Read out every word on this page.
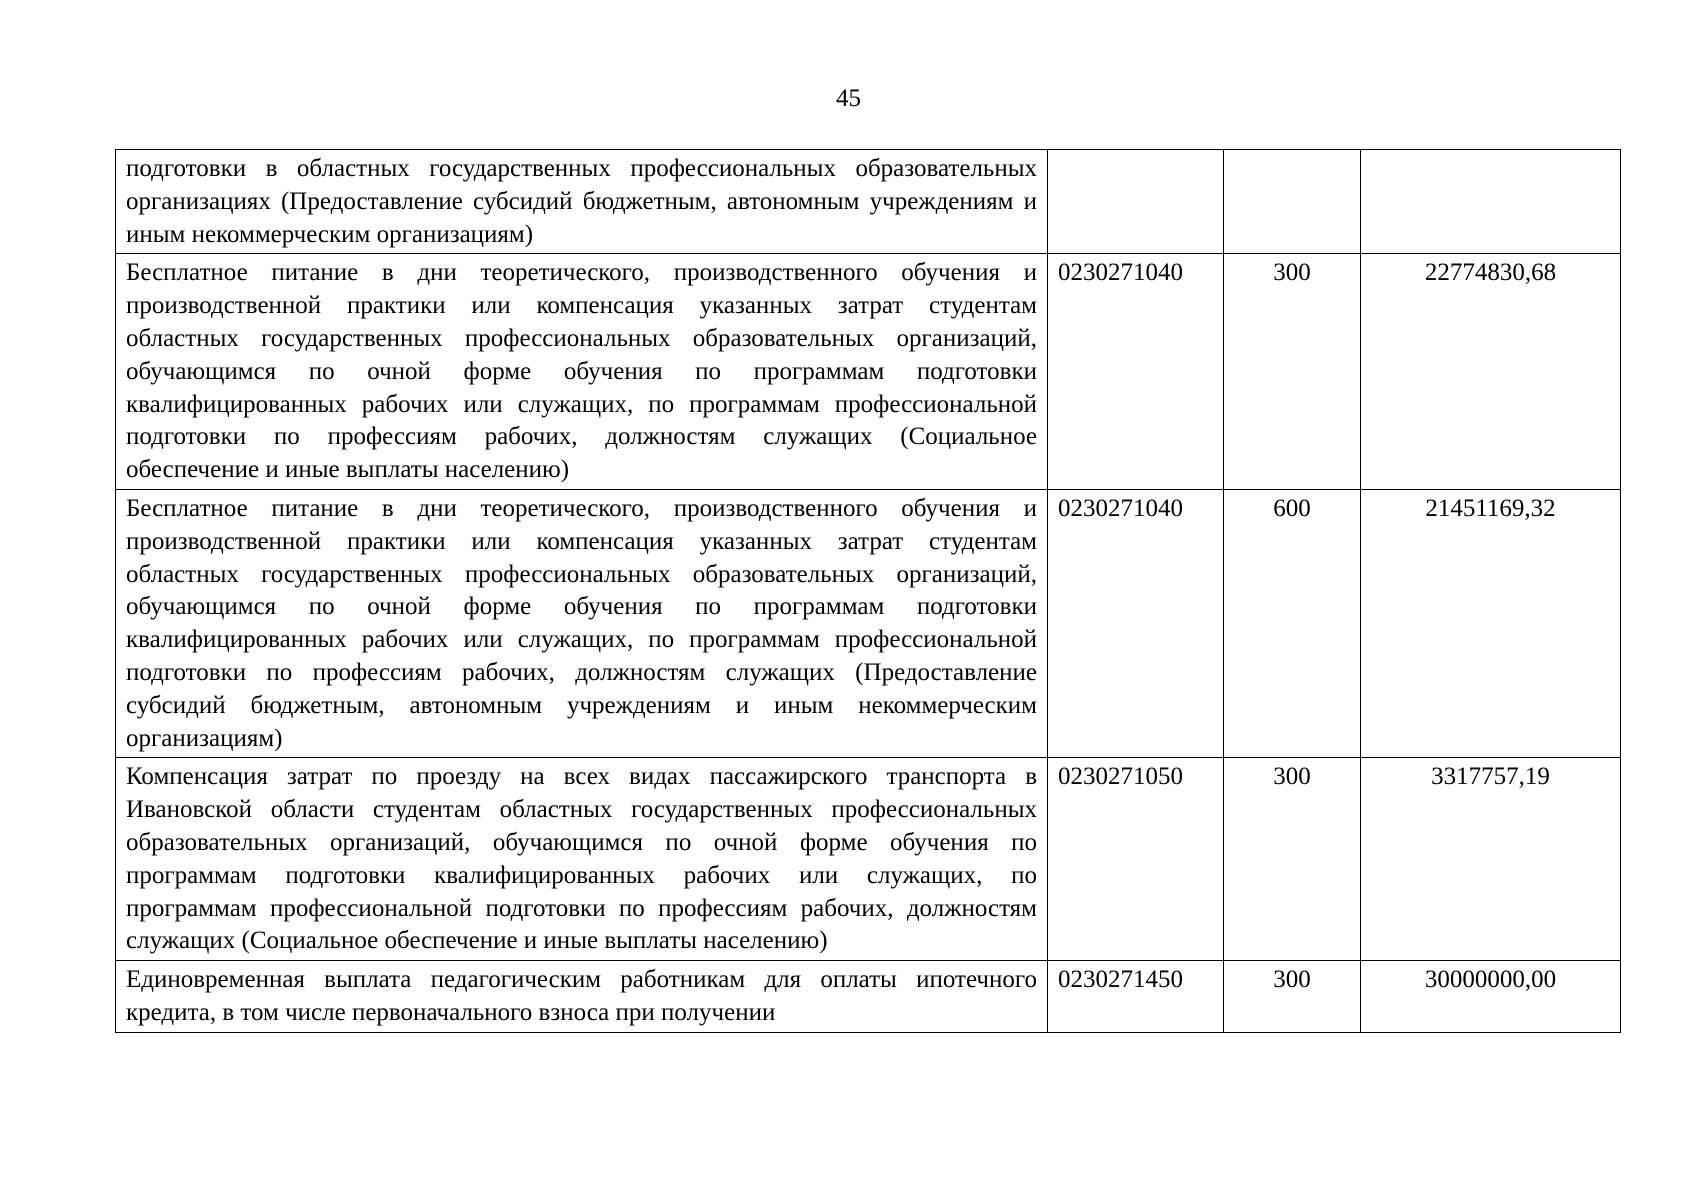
45
подготовки в областных государственных профессиональных образовательных организациях (Предоставление субсидий бюджетным, автономным учреждениям и иным некоммерческим организациям)			
Бесплатное питание в дни теоретического, производственного обучения и производственной практики или компенсация указанных затрат студентам областных государственных профессиональных образовательных организаций, обучающимся по очной форме обучения по программам подготовки квалифицированных рабочих или служащих, по программам профессиональной подготовки по профессиям рабочих, должностям служащих (Социальное обеспечение и иные выплаты населению)	0230271040	300	22774830,68
Бесплатное питание в дни теоретического, производственного обучения и производственной практики или компенсация указанных затрат студентам областных государственных профессиональных образовательных организаций, обучающимся по очной форме обучения по программам подготовки квалифицированных рабочих или служащих, по программам профессиональной подготовки по профессиям рабочих, должностям служащих (Предоставление субсидий бюджетным, автономным учреждениям и иным некоммерческим организациям)	0230271040	600	21451169,32
Компенсация затрат по проезду на всех видах пассажирского транспорта в Ивановской области студентам областных государственных профессиональных образовательных организаций, обучающимся по очной форме обучения по программам подготовки квалифицированных рабочих или служащих, по программам профессиональной подготовки по профессиям рабочих, должностям служащих (Социальное обеспечение и иные выплаты населению)	0230271050	300	3317757,19
Единовременная выплата педагогическим работникам для оплаты ипотечного кредита, в том числе первоначального взноса при получении	0230271450	300	30000000,00
